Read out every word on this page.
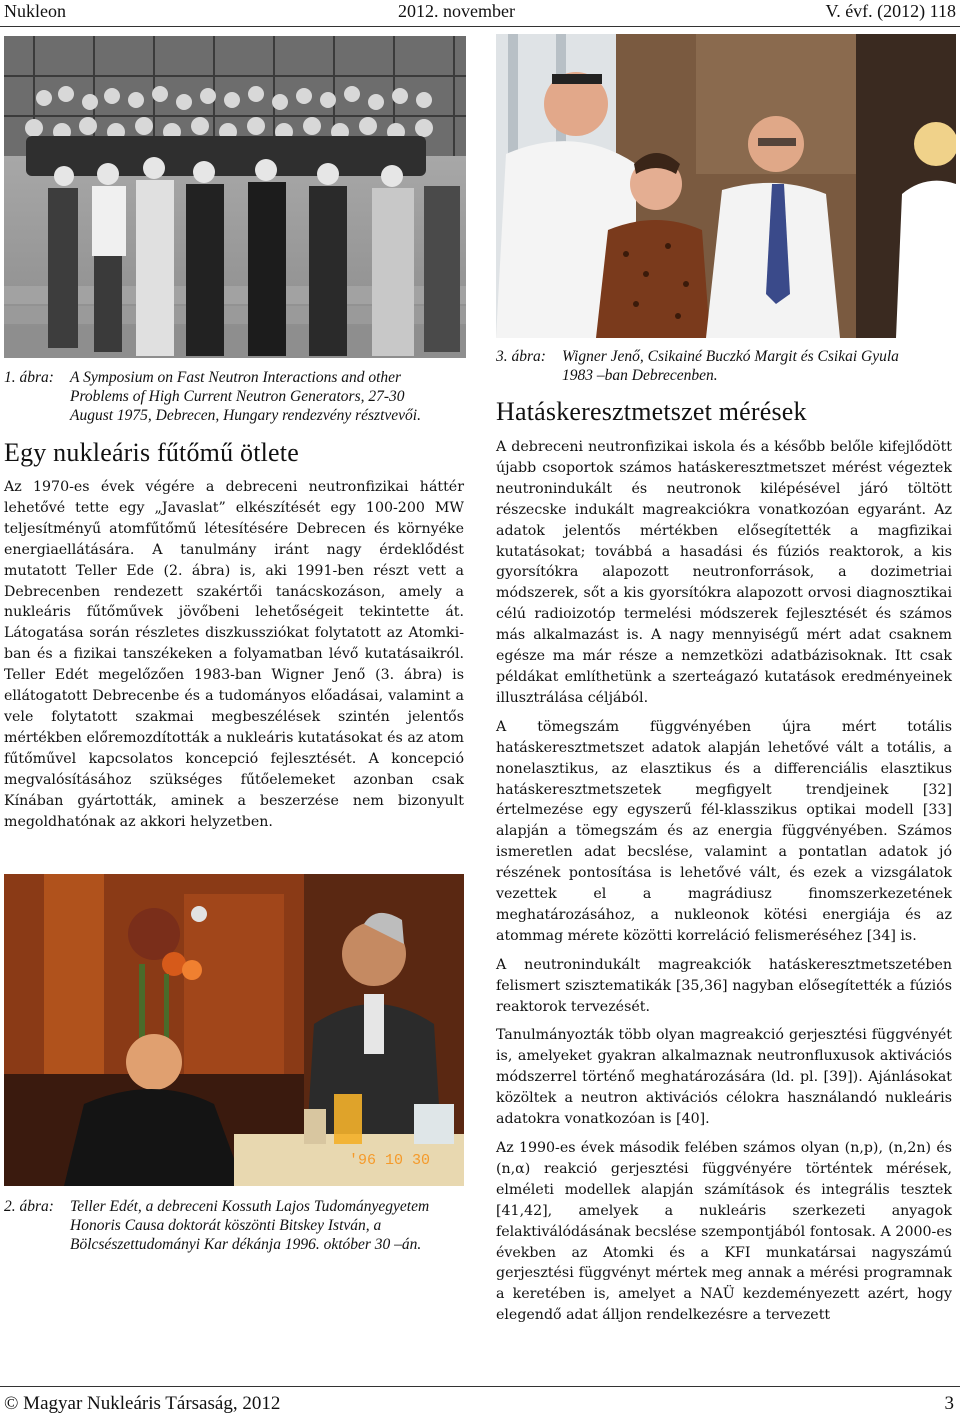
Nukleon	2012. november	V. évf. (2012) 118
1. ábra: A Symposium on Fast Neutron Interactions and other
Problems of High Current Neutron Generators, 27-30
August 1975, Debrecen, Hungary rendezvény résztvevői.
Egy nukleáris fűtőmű ötlete

Az 1970-es évek végére a debreceni neutronfizikai háttér lehetővé tette egy „Javaslat” elkészítését egy 100-200 MW teljesítményű atomfűtőmű létesítésére Debrecen és környéke energiaellátására. A tanulmány iránt nagy érdeklődést mutatott Teller Ede (2. ábra) is, aki 1991-ben részt vett a Debrecenben rendezett szakértői tanácskozáson, amely a nukleáris fűtőművek jövőbeni lehetőségeit tekintette át. Látogatása során részletes diszkussziókat folytatott az Atomki-ban és a fizikai tanszékeken a folyamatban lévő kutatásaikról. Teller Edét megelőzően 1983-ban Wigner Jenő (3. ábra) is ellátogatott Debrecenbe és a tudományos előadásai, valamint a vele folytatott szakmai megbeszélések szintén jelentős mértékben előremozdították a nukleáris kutatásokat és az atom fűtőművel kapcsolatos koncepció fejlesztését. A koncepció megvalósításához szükséges fűtőelemeket azonban csak Kínában gyártották, aminek a beszerzése nem bizonyult megoldhatónak az akkori helyzetben.

'96 10 30
2. ábra: Teller Edét, a debreceni Kossuth Lajos Tudományegyetem
Honoris Causa doktorát köszönti Bitskey István, a
Bölcsészettudományi Kar dékánja 1996. október 30 –án.
3. ábra: Wigner Jenő, Csikainé Buczkó Margit és Csikai Gyula
1983 –ban Debrecenben.
Hatáskeresztmetszet mérések

A debreceni neutronfizikai iskola és a később belőle kifejlődött újabb csoportok számos hatáskeresztmetszet mérést végeztek neutronindukált és neutronok kilépésével járó töltött részecske indukált magreakciókra vonatkozóan egyaránt. Az adatok jelentős mértékben elősegítették a magfizikai kutatásokat; továbbá a hasadási és fúziós reaktorok, a kis gyorsítókra alapozott neutronforrások, a dozimetriai módszerek, sőt a kis gyorsítókra alapozott orvosi diagnosztikai célú radioizotóp termelési módszerek fejlesztését és számos más alkalmazást is. A nagy mennyiségű mért adat csaknem egésze ma már része a nemzetközi adatbázisoknak. Itt csak példákat említhetünk a szerteágazó kutatások eredményeinek illusztrálása céljából.

A tömegszám függvényében újra mért totális hatáskeresztmetszet adatok alapján lehetővé vált a totális, a nonelasztikus, az elasztikus és a differenciális elasztikus hatáskeresztmetszetek megfigyelt trendjeinek [32] értelmezése egy egyszerű fél-klasszikus optikai modell [33] alapján a tömegszám és az energia függvényében. Számos ismeretlen adat becslése, valamint a pontatlan adatok jó részének pontosítása is lehetővé vált, és ezek a vizsgálatok vezettek el a magrádiusz finomszerkezetének meghatározásához, a nukleonok kötési energiája és az atommag mérete közötti korreláció felismeréséhez [34] is.

A neutronindukált magreakciók hatáskeresztmetszetében felismert szisztematikák [35,36] nagyban elősegítették a fúziós reaktorok tervezését.

Tanulmányozták több olyan magreakció gerjesztési függvényét is, amelyeket gyakran alkalmaznak neutronfluxusok aktivációs módszerrel történő meghatározására (ld. pl. [39]). Ajánlásokat közöltek a neutron aktivációs célokra használandó nukleáris adatokra vonatkozóan is [40].

Az 1990-es évek második felében számos olyan (n,p), (n,2n) és (n,α) reakció gerjesztési függvényére történtek mérések, elméleti modellek alapján számítások és integrális tesztek [41,42], amelyek a nukleáris szerkezeti anyagok felaktiválódásának becslése szempontjából fontosak. A 2000-es években az Atomki és a KFI munkatársai nagyszámú gerjesztési függvényt mértek meg annak a mérési programnak a keretében is, amelyet a NAÜ kezdeményezett azért, hogy elegendő adat álljon rendelkezésre a tervezett

© Magyar Nukleáris Társaság, 2012	3
